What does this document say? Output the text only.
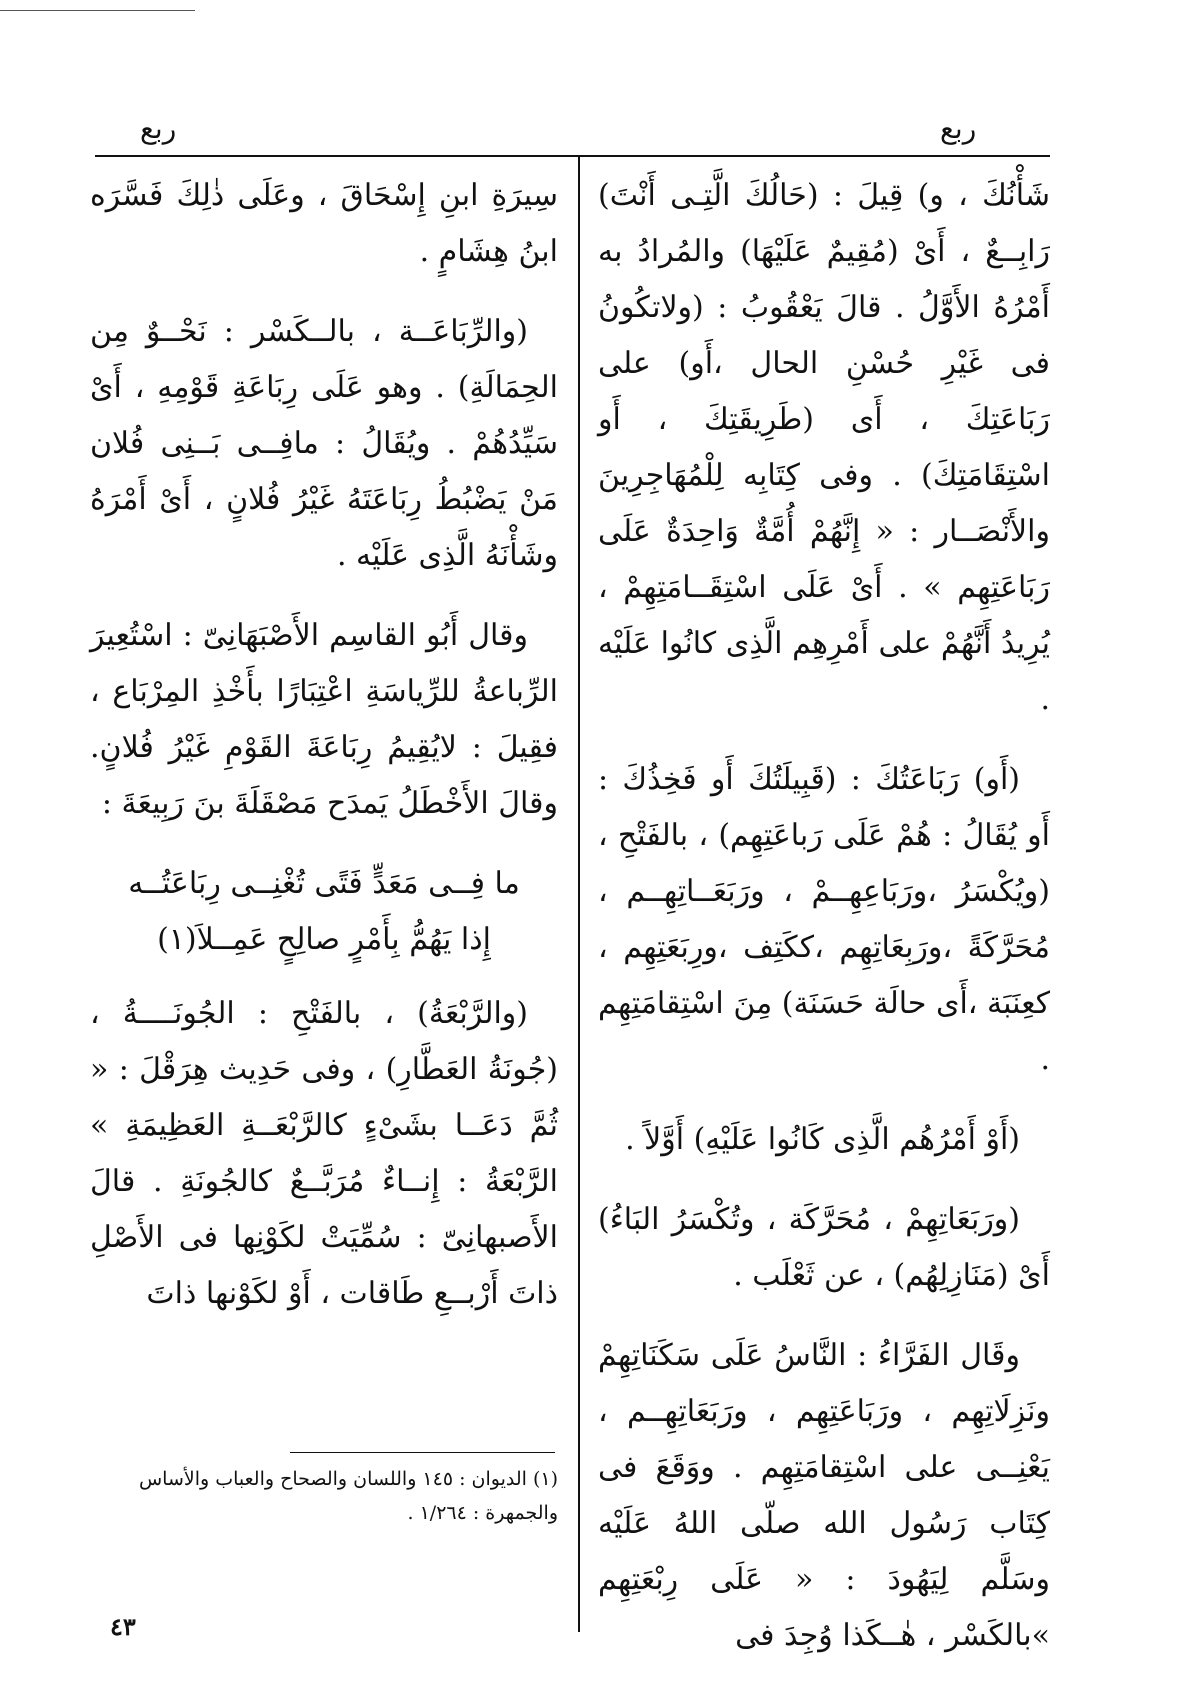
ربع	ربع

شَأْنُكَ ، و) قِيلَ : (حَالُكَ الَّتِـى أَنْتَ) رَابِــعٌ ، أَىْ (مُقِيمٌ عَلَيْهَا) والمُرادُ به أَمْرُهُ الأَوَّلُ . قالَ يَعْقُوبُ : (ولاتكُونُ فى غَيْرِ حُسْنِ الحال ،أَو) على رَبَاعَتِكَ ، أَى (طَرِيقَتِكَ ، أَو اسْتِقَامَتِكَ) . وفى كِتَابِه لِلْمُهَاجِرِينَ والأَنْصَــار : « إِنَّهُمْ أُمَّةٌ وَاحِدَةٌ عَلَى رَبَاعَتِهِم » . أَىْ عَلَى اسْتِقَــامَتِهِمْ ، يُرِيدُ أَنَّهُمْ على أَمْرِهِم الَّذِى كانُوا عَلَيْه .

(أَو) رَبَاعَتُكَ : (قَبِيلَتُكَ أَو فَخِذُكَ : أَو يُقَالُ : هُمْ عَلَى رَباعَتِهِم) ، بالفَتْحِ ، (ويُكْسَرُ ،ورَبَاعِهِــمْ ، ورَبَعَــاتِهِــم ، مُحَرَّكَةً ،ورَبِعَاتِهِم ،ككَتِف ،ورِبَعَتِهِم ، كعِنَبَة ،أَى حالَة حَسَنَة) مِنَ اسْتِقامَتِهِم .

(أَوْ أَمْرُهُم الَّذِى كَانُوا عَلَيْهِ) أَوَّلاً .

(ورَبَعَاتِهِمْ ، مُحَرَّكَة ، وتُكْسَرُ البَاءُ) أَىْ (مَنَازِلِهُم) ، عن ثَعْلَب .

وقَال الفَرَّاءُ : النَّاسُ عَلَى سَكَنَاتِهِمْ ونَزِلَاتِهِم ، ورَبَاعَتِهِم ، ورَبَعَاتِهِــم ، يَعْنِــى على اسْتِقامَتِهِم . ووَقَعَ فى كِتَاب رَسُول الله صلّى اللهُ عَلَيْه وسَلَّم لِيَهُودَ : « عَلَى رِبْعَتِهِم »بالكَسْر ، هٰــكَذا وُجِدَ فى

سِيرَةِ ابنِ إِسْحَاقَ ، وعَلَى ذٰلِكَ فَسَّرَه ابنُ هِشَامٍ .

(والرِّبَاعَــة ، بالــكَسْر : نَحْــوٌ مِن الحِمَالَةِ) . وهو عَلَى رِبَاعَةِ قَوْمِهِ ، أَىْ سَيِّدُهُمْ . ويُقَالُ : مافِــى بَــنِى فُلان مَنْ يَضْبُطُ رِبَاعَتَهُ غَيْرُ فُلانٍ ، أَىْ أَمْرَهُ وشَأْنَهُ الَّذِى عَلَيْه .

وقال أَبُو القاسِم الأَصْبَهَانِىّ : اسْتُعِيرَ الرِّباعةُ للرِّياسَةِ اعْتِبَارًا بأَخْذِ المِرْبَاع ، فقِيلَ : لايُقِيمُ رِبَاعَةَ القَوْمِ غَيْرُ فُلانٍ. وقالَ الأَخْطَلُ يَمدَح مَصْقَلَةَ بنَ رَبِيعَةَ :

ما فِــى مَعَدٍّ فَتًى تُغْنِــى رِبَاعَتُــه
إِذا يَهُمُّ بِأَمْرٍ صالِحٍ عَمِــلاَ(١)

(والرَّبْعَةُ) ، بالفَتْحِ : الجُونَــــةُ ، (جُونَةُ العَطَّارِ) ، وفى حَدِيث هِرَقْلَ : « ثُمَّ دَعَــا بشَىْءٍ كالرَّبْعَــةِ العَظِيمَةِ » الرَّبْعَةُ : إِنــاءٌ مُرَبَّــعٌ كالجُونَةِ . قالَ الأَصبهانِىّ : سُمِّيَتْ لكَوْنِها فى الأَصْلِ ذاتَ أَرْبــعِ طَاقات ، أَوْ لكَوْنها ذاتَ

(١) الديوان : ١٤٥ واللسان والصحاح والعباب والأساس
والجمهرة : ١/٢٦٤ .
٤٣
